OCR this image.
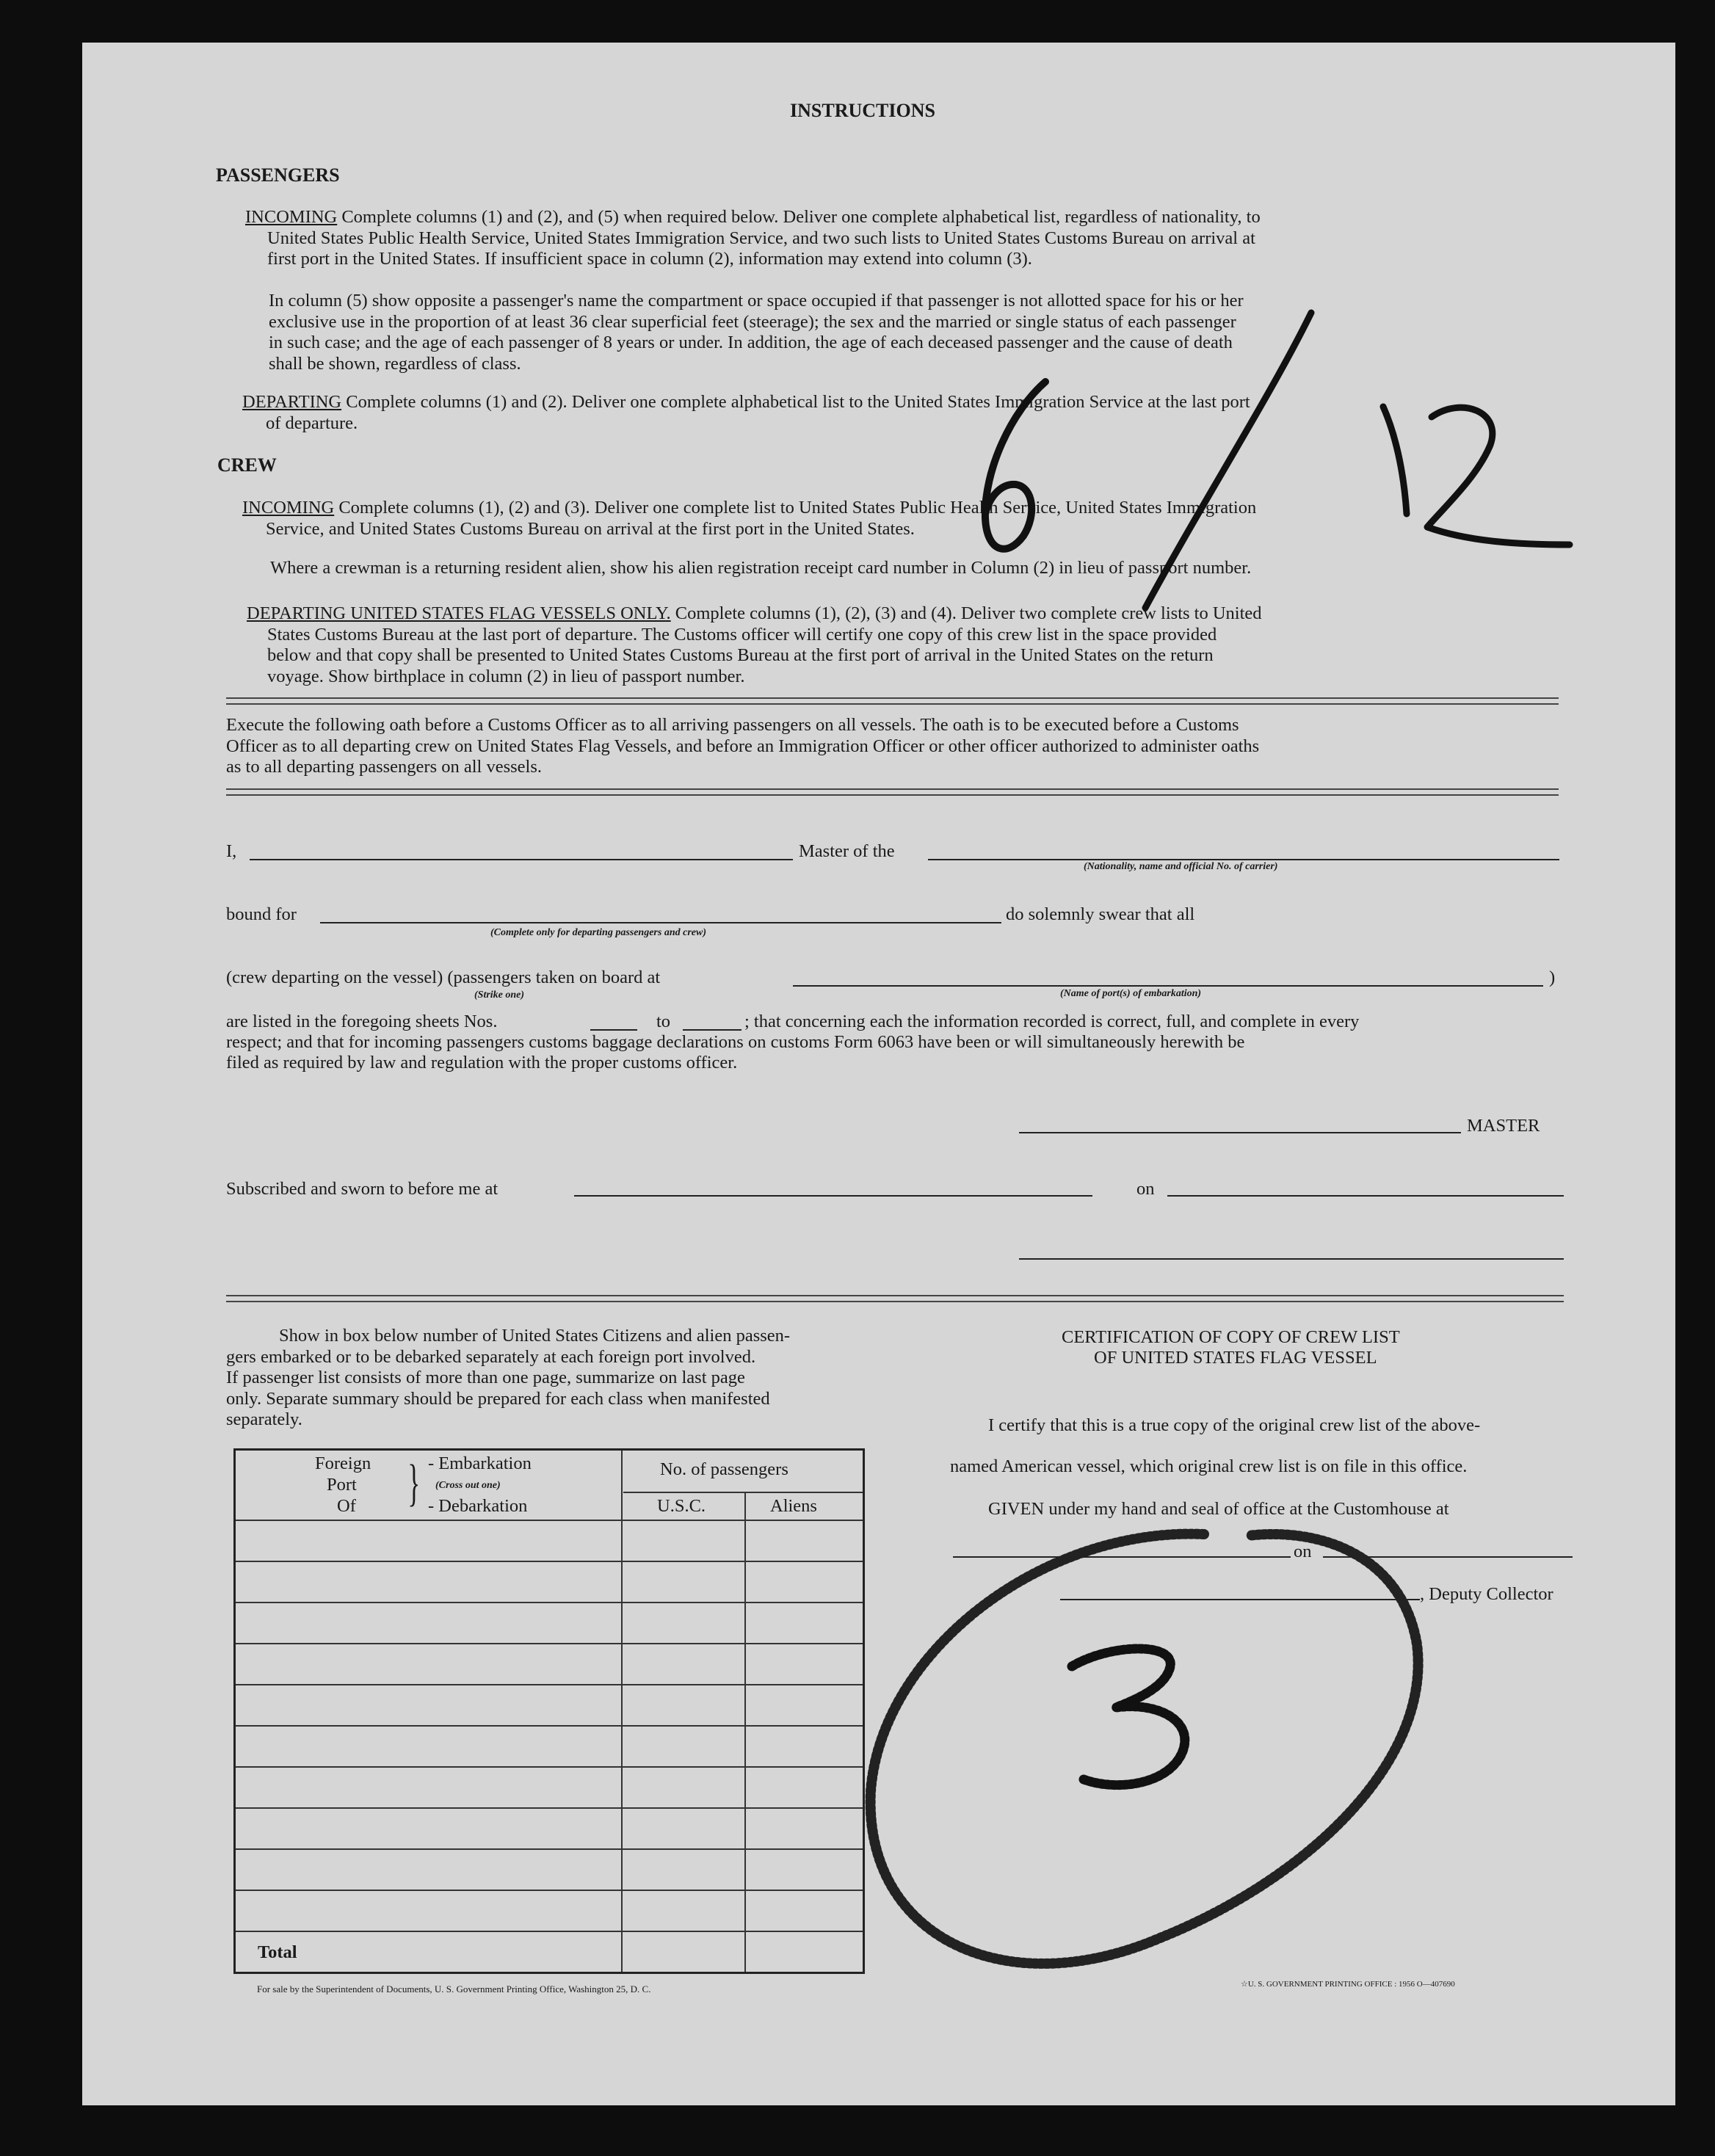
INSTRUCTIONS
PASSENGERS

INCOMING Complete columns (1) and (2), and (5) when required below. Deliver one complete alphabetical list, regardless of nationality, to

United States Public Health Service, United States Immigration Service, and two such lists to United States Customs Bureau on arrival at

first port in the United States. If insufficient space in column (2), information may extend into column (3).

In column (5) show opposite a passenger's name the compartment or space occupied if that passenger is not allotted space for his or her

exclusive use in the proportion of at least 36 clear superficial feet (steerage); the sex and the married or single status of each passenger

in such case; and the age of each passenger of 8 years or under. In addition, the age of each deceased passenger and the cause of death

shall be shown, regardless of class.

DEPARTING Complete columns (1) and (2). Deliver one complete alphabetical list to the United States Immigration Service at the last port

of departure.

CREW

INCOMING Complete columns (1), (2) and (3). Deliver one complete list to United States Public Health Service, United States Immigration

Service, and United States Customs Bureau on arrival at the first port in the United States.

Where a crewman is a returning resident alien, show his alien registration receipt card number in Column (2) in lieu of passport number.

DEPARTING UNITED STATES FLAG VESSELS ONLY. Complete columns (1), (2), (3) and (4). Deliver two complete crew lists to United

States Customs Bureau at the last port of departure. The Customs officer will certify one copy of this crew list in the space provided

below and that copy shall be presented to United States Customs Bureau at the first port of arrival in the United States on the return

voyage. Show birthplace in column (2) in lieu of passport number.

Execute the following oath before a Customs Officer as to all arriving passengers on all vessels. The oath is to be executed before a Customs

Officer as to all departing crew on United States Flag Vessels, and before an Immigration Officer or other officer authorized to administer oaths

as to all departing passengers on all vessels.

I,	Master of the
(Nationality, name and official No. of carrier)
bound for
(Complete only for departing passengers and crew)
do solemnly swear that all
(crew departing on the vessel) (passengers taken on board at
(Strike one)	(Name of port(s) of embarkation)
)
are listed in the foregoing sheets Nos.	to	; that concerning each the information recorded is correct, full, and complete in every
respect; and that for incoming passengers customs baggage declarations on customs Form 6063 have been or will simultaneously herewith be
filed as required by law and regulation with the proper customs officer.
MASTER
Subscribed and sworn to before me at	on

Show in box below number of United States Citizens and alien passen-

gers embarked or to be debarked separately at each foreign port involved.

If passenger list consists of more than one page, summarize on last page

only. Separate summary should be prepared for each class when manifested

separately.

Foreign
Port
Of } - Embarkation
(Cross out one)
- Debarkation
No. of passengers
U.S.C.	Aliens
Total
CERTIFICATION OF COPY OF CREW LIST
OF UNITED STATES FLAG VESSEL
I certify that this is a true copy of the original crew list of the above-
named American vessel, which original crew list is on file in this office.
GIVEN under my hand and seal of office at the Customhouse at
on
, Deputy Collector
For sale by the Superintendent of Documents, U. S. Government Printing Office, Washington 25, D. C.	☆U. S. GOVERNMENT PRINTING OFFICE : 1956 O—407690
